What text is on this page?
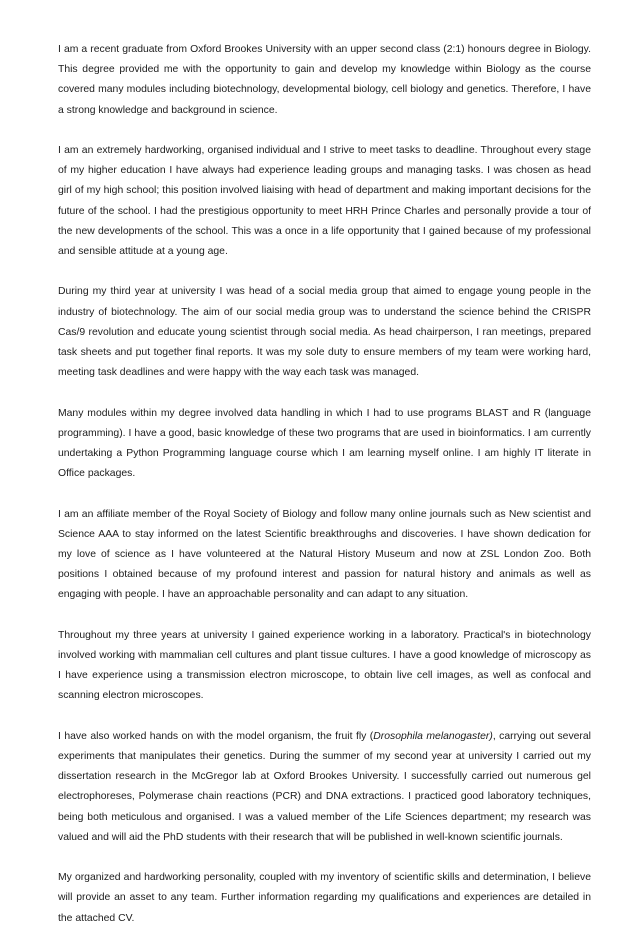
I am a recent graduate from Oxford Brookes University with an upper second class (2:1) honours degree in Biology. This degree provided me with the opportunity to gain and develop my knowledge within Biology as the course covered many modules including biotechnology, developmental biology, cell biology and genetics. Therefore, I have a strong knowledge and background in science.

I am an extremely hardworking, organised individual and I strive to meet tasks to deadline. Throughout every stage of my higher education I have always had experience leading groups and managing tasks. I was chosen as head girl of my high school; this position involved liaising with head of department and making important decisions for the future of the school. I had the prestigious opportunity to meet HRH Prince Charles and personally provide a tour of the new developments of the school. This was a once in a life opportunity that I gained because of my professional and sensible attitude at a young age.

During my third year at university I was head of a social media group that aimed to engage young people in the industry of biotechnology. The aim of our social media group was to understand the science behind the CRISPR Cas/9 revolution and educate young scientist through social media. As head chairperson, I ran meetings, prepared task sheets and put together final reports. It was my sole duty to ensure members of my team were working hard, meeting task deadlines and were happy with the way each task was managed.

Many modules within my degree involved data handling in which I had to use programs BLAST and R (language programming). I have a good, basic knowledge of these two programs that are used in bioinformatics. I am currently undertaking a Python Programming language course which I am learning myself online. I am highly IT literate in Office packages.

I am an affiliate member of the Royal Society of Biology and follow many online journals such as New scientist and Science AAA to stay informed on the latest Scientific breakthroughs and discoveries. I have shown dedication for my love of science as I have volunteered at the Natural History Museum and now at ZSL London Zoo. Both positions I obtained because of my profound interest and passion for natural history and animals as well as engaging with people. I have an approachable personality and can adapt to any situation.

Throughout my three years at university I gained experience working in a laboratory. Practical's in biotechnology involved working with mammalian cell cultures and plant tissue cultures. I have a good knowledge of microscopy as I have experience using a transmission electron microscope, to obtain live cell images, as well as confocal and scanning electron microscopes.

I have also worked hands on with the model organism, the fruit fly (Drosophila melanogaster), carrying out several experiments that manipulates their genetics. During the summer of my second year at university I carried out my dissertation research in the McGregor lab at Oxford Brookes University. I successfully carried out numerous gel electrophoreses, Polymerase chain reactions (PCR) and DNA extractions. I practiced good laboratory techniques, being both meticulous and organised. I was a valued member of the Life Sciences department; my research was valued and will aid the PhD students with their research that will be published in well-known scientific journals.

My organized and hardworking personality, coupled with my inventory of scientific skills and determination, I believe will provide an asset to any team. Further information regarding my qualifications and experiences are detailed in the attached CV.
